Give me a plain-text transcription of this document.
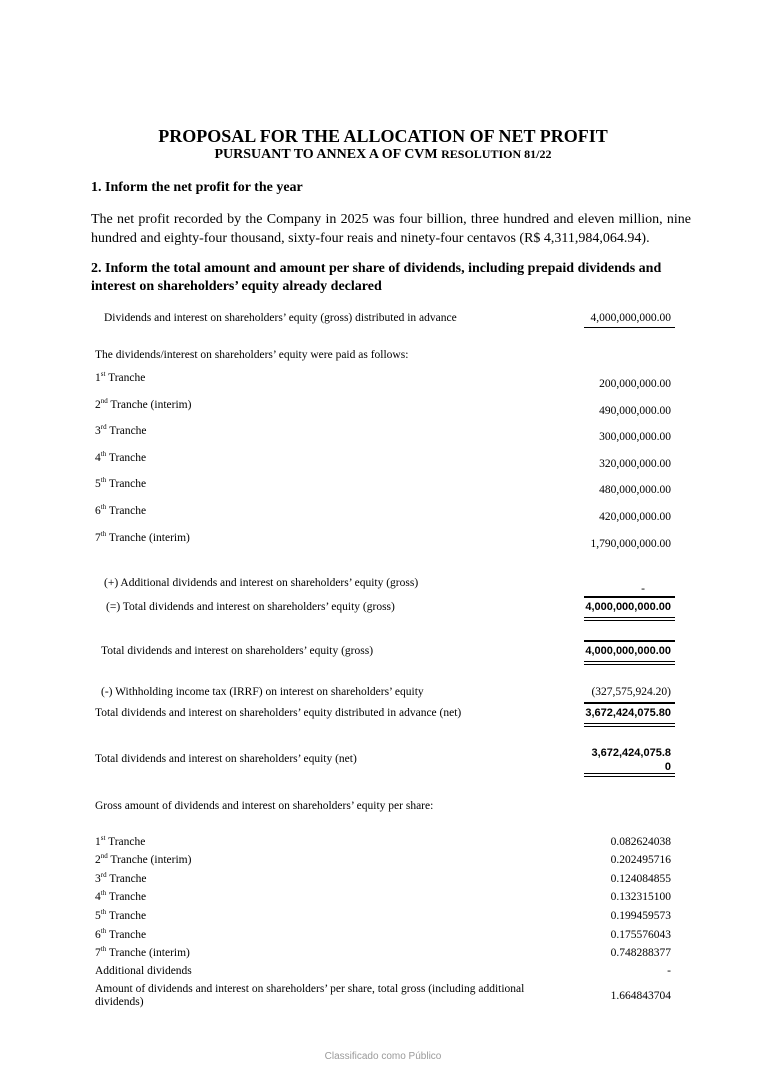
PROPOSAL FOR THE ALLOCATION OF NET PROFIT
PURSUANT TO ANNEX A OF CVM RESOLUTION 81/22
1. Inform the net profit for the year
The net profit recorded by the Company in 2025 was four billion, three hundred and eleven million, nine hundred and eighty-four thousand, sixty-four reais and ninety-four centavos (R$ 4,311,984,064.94).
2. Inform the total amount and amount per share of dividends, including prepaid dividends and interest on shareholders’ equity already declared
Dividends and interest on shareholders’ equity (gross) distributed in advance	4,000,000,000.00
The dividends/interest on shareholders’ equity were paid as follows:
1st Tranche	200,000,000.00
2nd Tranche (interim)	490,000,000.00
3rd Tranche	300,000,000.00
4th Tranche	320,000,000.00
5th Tranche	480,000,000.00
6th Tranche	420,000,000.00
7th Tranche (interim)	1,790,000,000.00
(+) Additional dividends and interest on shareholders’ equity (gross)	-
(=) Total dividends and interest on shareholders’ equity (gross)	4,000,000,000.00
Total dividends and interest on shareholders’ equity (gross)	4,000,000,000.00
(-) Withholding income tax (IRRF) on interest on shareholders’ equity	(327,575,924.20)
Total dividends and interest on shareholders’ equity distributed in advance (net)	3,672,424,075.80
Total dividends and interest on shareholders’ equity (net)	3,672,424,075.8
0
Gross amount of dividends and interest on shareholders’ equity per share:
1st Tranche	0.082624038
2nd Tranche (interim)	0.202495716
3rd Tranche	0.124084855
4th Tranche	0.132315100
5th Tranche	0.199459573
6th Tranche	0.175576043
7th Tranche (interim)	0.748288377
Additional dividends	-
Amount of dividends and interest on shareholders’ per share, total gross (including additional dividends)	1.664843704
Classificado como Público
